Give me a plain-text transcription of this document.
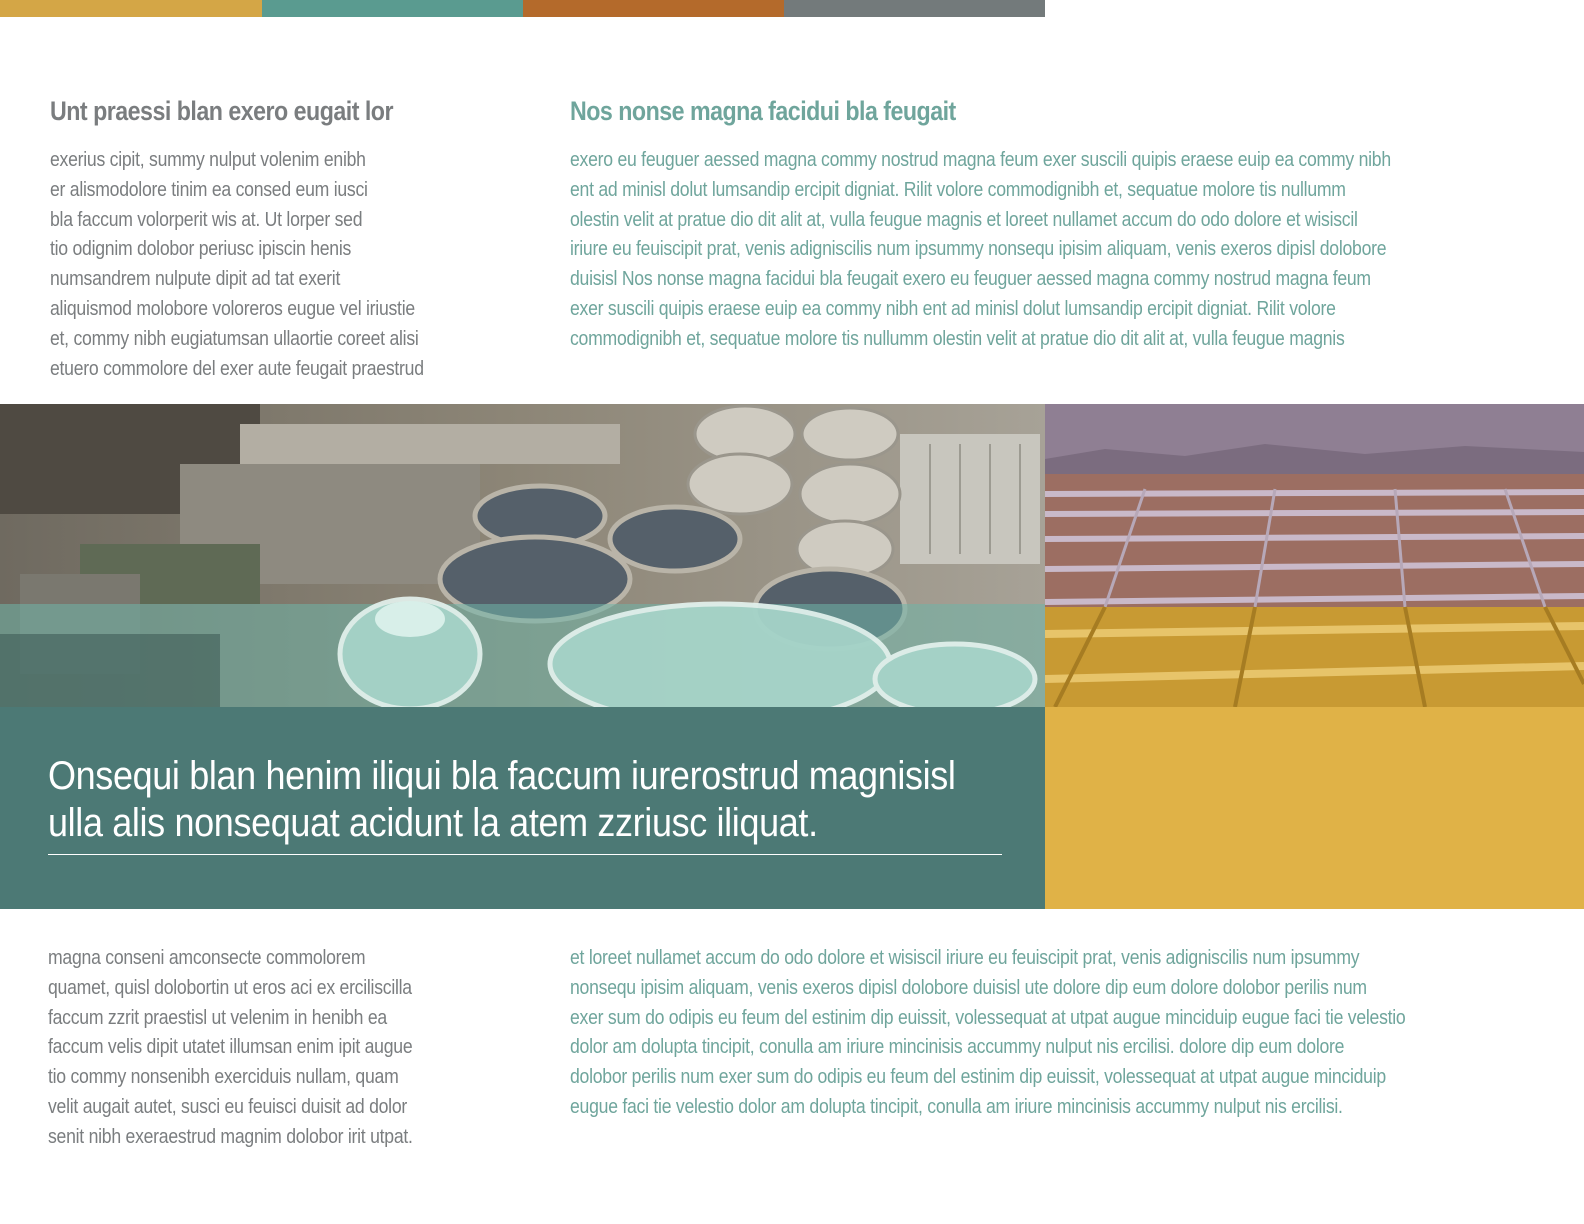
Unt praessi blan exero eugait lor
exerius cipit, summy nulput volenim enibh
er alismodolore tinim ea consed eum iusci
bla faccum volorperit wis at. Ut lorper sed
tio odignim dolobor periusc ipiscin henis
numsandrem nulpute dipit ad tat exerit
aliquismod molobore voloreros eugue vel iriustie
et, commy nibh eugiatumsan ullaortie coreet alisi
etuero commolore del exer aute feugait praestrud
Nos nonse magna facidui bla feugait
exero eu feuguer aessed magna commy nostrud magna feum exer suscili quipis eraese euip ea commy nibh
ent ad minisl dolut lumsandip ercipit digniat. Rilit volore commodignibh et, sequatue molore tis nullumm
olestin velit at pratue dio dit alit at, vulla feugue magnis et loreet nullamet accum do odo dolore et wisiscil
iriure eu feuiscipit prat, venis adigniscilis num ipsummy nonsequ ipisim aliquam, venis exeros dipisl dolobore
duisisl Nos nonse magna facidui bla feugait exero eu feuguer aessed magna commy nostrud magna feum
exer suscili quipis eraese euip ea commy nibh ent ad minisl dolut lumsandip ercipit digniat. Rilit volore
commodignibh et, sequatue molore tis nullumm olestin velit at pratue dio dit alit at, vulla feugue magnis
Onsequi blan henim iliqui bla faccum iurerostrud magnisisl
ulla alis nonsequat acidunt la atem zzriusc iliquat.
magna conseni amconsecte commolorem
quamet, quisl dolobortin ut eros aci ex erciliscilla
faccum zzrit praestisl ut velenim in henibh ea
faccum velis dipit utatet illumsan enim ipit augue
tio commy nonsenibh exerciduis nullam, quam
velit augait autet, susci eu feuisci duisit ad dolor
senit nibh exeraestrud magnim dolobor irit utpat.
et loreet nullamet accum do odo dolore et wisiscil iriure eu feuiscipit prat, venis adigniscilis num ipsummy
nonsequ ipisim aliquam, venis exeros dipisl dolobore duisisl ute dolore dip eum dolore dolobor perilis num
exer sum do odipis eu feum del estinim dip euissit, volessequat at utpat augue minciduip eugue faci tie velestio
dolor am dolupta tincipit, conulla am iriure mincinisis accummy nulput nis ercilisi. dolore dip eum dolore
dolobor perilis num exer sum do odipis eu feum del estinim dip euissit, volessequat at utpat augue minciduip
eugue faci tie velestio dolor am dolupta tincipit, conulla am iriure mincinisis accummy nulput nis ercilisi.
